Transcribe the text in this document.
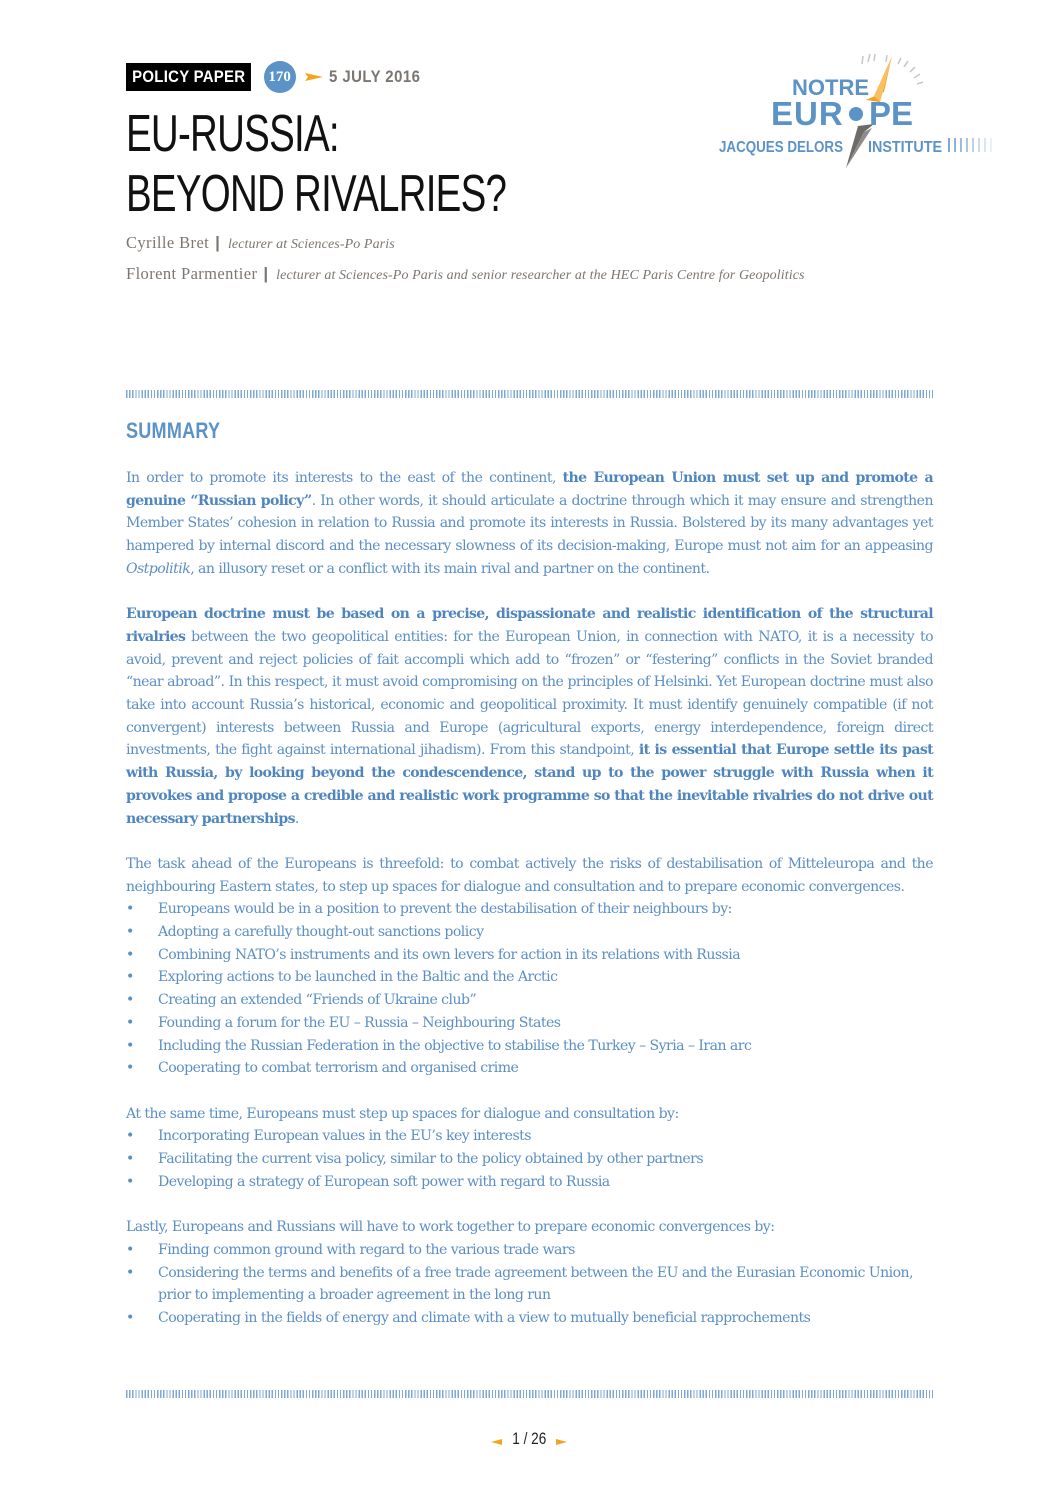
POLICY PAPER	170 5 JULY 2016
EU-RUSSIA:
BEYOND RIVALRIES?
Cyrille Bret | lecturer at Sciences-Po Paris
Florent Parmentier | lecturer at Sciences-Po Paris and senior researcher at the HEC Paris Centre for Geopolitics
NOTRE
EUR PE
JACQUES DELORS INSTITUTE
SUMMARY

In order to promote its interests to the east of the continent, the European Union must set up and promote a genuine “Russian policy”. In other words, it should articulate a doctrine through which it may ensure and strengthen Member States’ cohesion in relation to Russia and promote its interests in Russia. Bolstered by its many advantages yet hampered by internal discord and the necessary slowness of its decision-making, Europe must not aim for an appeasing Ostpolitik, an illusory reset or a conflict with its main rival and partner on the continent.

European doctrine must be based on a precise, dispassionate and realistic identification of the structural rivalries between the two geopolitical entities: for the European Union, in connection with NATO, it is a necessity to avoid, prevent and reject policies of fait accompli which add to “frozen” or “festering” conflicts in the Soviet branded “near abroad”. In this respect, it must avoid compromising on the principles of Helsinki. Yet European doctrine must also take into account Russia’s historical, economic and geopolitical proximity. It must identify genuinely compatible (if not convergent) interests between Russia and Europe (agricultural exports, energy interdependence, foreign direct investments, the fight against international jihadism). From this standpoint, it is essential that Europe settle its past with Russia, by looking beyond the condescendence, stand up to the power struggle with Russia when it provokes and propose a credible and realistic work programme so that the inevitable rivalries do not drive out necessary partnerships.

The task ahead of the Europeans is threefold: to combat actively the risks of destabilisation of Mitteleuropa and the neighbouring Eastern states, to step up spaces for dialogue and consultation and to prepare economic convergences.

• Europeans would be in a position to prevent the destabilisation of their neighbours by:
• Adopting a carefully thought-out sanctions policy
• Combining NATO’s instruments and its own levers for action in its relations with Russia
• Exploring actions to be launched in the Baltic and the Arctic
• Creating an extended “Friends of Ukraine club”
• Founding a forum for the EU – Russia – Neighbouring States
• Including the Russian Federation in the objective to stabilise the Turkey – Syria – Iran arc
• Cooperating to combat terrorism and organised crime

At the same time, Europeans must step up spaces for dialogue and consultation by:

• Incorporating European values in the EU’s key interests
• Facilitating the current visa policy, similar to the policy obtained by other partners
• Developing a strategy of European soft power with regard to Russia

Lastly, Europeans and Russians will have to work together to prepare economic convergences by:

• Finding common ground with regard to the various trade wars
• Considering the terms and benefits of a free trade agreement between the EU and the Eurasian Economic Union, prior to implementing a broader agreement in the long run
• Cooperating in the fields of energy and climate with a view to mutually beneficial rapprochements
1 / 26
